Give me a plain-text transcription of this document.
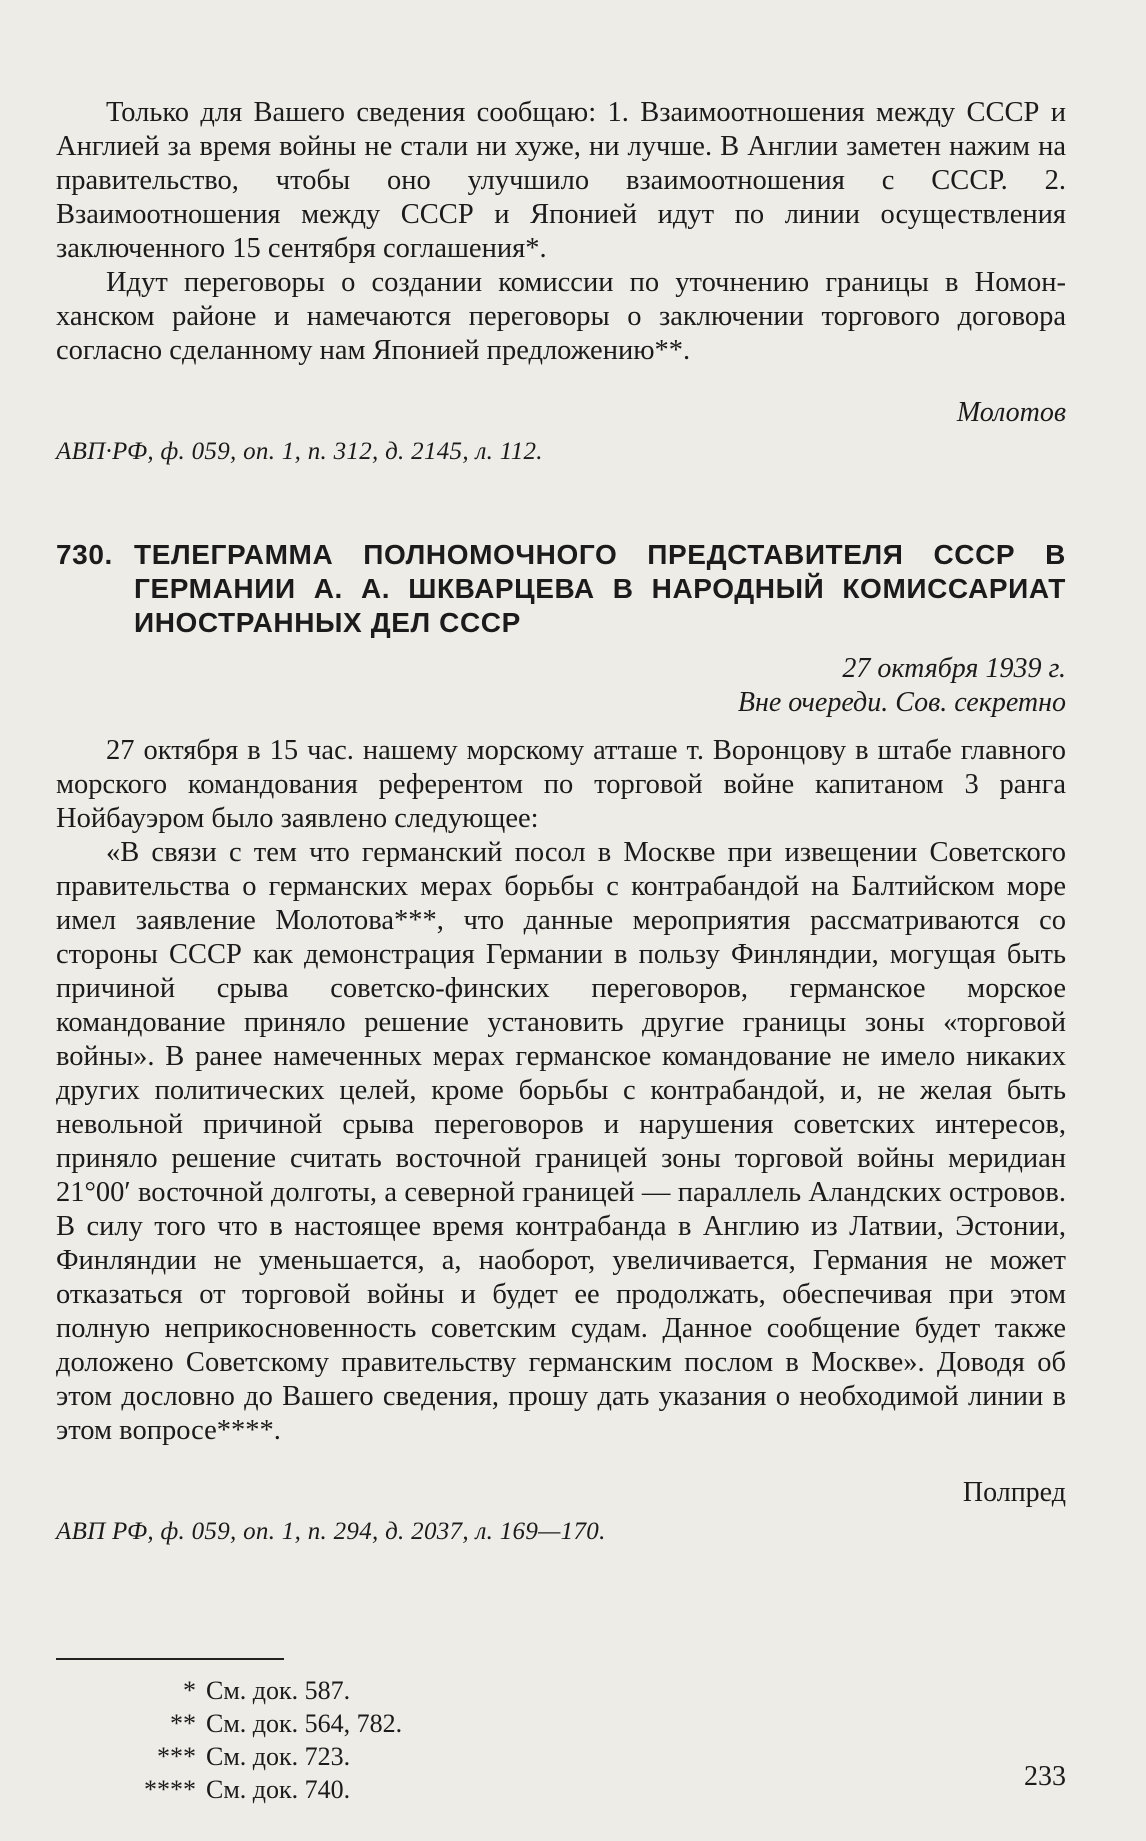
Только для Вашего сведения сообщаю: 1. Взаимоотношения между СССР и Англией за время войны не стали ни хуже, ни лучше. В Англии заметен нажим на правительство, чтобы оно улучшило взаимоотношения с СССР. 2. Взаимоотношения между СССР и Японией идут по линии осуществления заключенного 15 сентября соглашения*.

Идут переговоры о создании комиссии по уточнению границы в Номон-ханском районе и намечаются переговоры о заключении торгового договора согласно сделанному нам Японией предложению**.

Молотов
АВП·РФ, ф. 059, оп. 1, п. 312, д. 2145, л. 112.
730. ТЕЛЕГРАММА ПОЛНОМОЧНОГО ПРЕДСТАВИТЕЛЯ СССР В ГЕРМАНИИ А. А. ШКВАРЦЕВА В НАРОДНЫЙ КОМИССАРИАТ ИНОСТРАННЫХ ДЕЛ СССР
27 октября 1939 г.
Вне очереди. Сов. секретно

27 октября в 15 час. нашему морскому атташе т. Воронцову в штабе главного морского командования референтом по торговой войне капитаном 3 ранга Нойбауэром было заявлено следующее:

«В связи с тем что германский посол в Москве при извещении Советского правительства о германских мерах борьбы с контрабандой на Балтийском море имел заявление Молотова***, что данные мероприятия рассматриваются со стороны СССР как демонстрация Германии в пользу Финляндии, могущая быть причиной срыва советско-финских переговоров, германское морское командование приняло решение установить другие границы зоны «торговой войны». В ранее намеченных мерах германское командование не имело никаких других политических целей, кроме борьбы с контрабандой, и, не желая быть невольной причиной срыва переговоров и нарушения советских интересов, приняло решение считать восточной границей зоны торговой войны меридиан 21°00′ восточной долготы, а северной границей — параллель Аландских островов. В силу того что в настоящее время контрабанда в Англию из Латвии, Эстонии, Финляндии не уменьшается, а, наоборот, увеличивается, Германия не может отказаться от торговой войны и будет ее продолжать, обеспечивая при этом полную неприкосновенность советским судам. Данное сообщение будет также доложено Советскому правительству германским послом в Москве». Доводя об этом дословно до Вашего сведения, прошу дать указания о необходимой линии в этом вопросе****.

Полпред
АВП РФ, ф. 059, оп. 1, п. 294, д. 2037, л. 169—170.
* См. док. 587.
** См. док. 564, 782.
*** См. док. 723.
**** См. док. 740.	233
